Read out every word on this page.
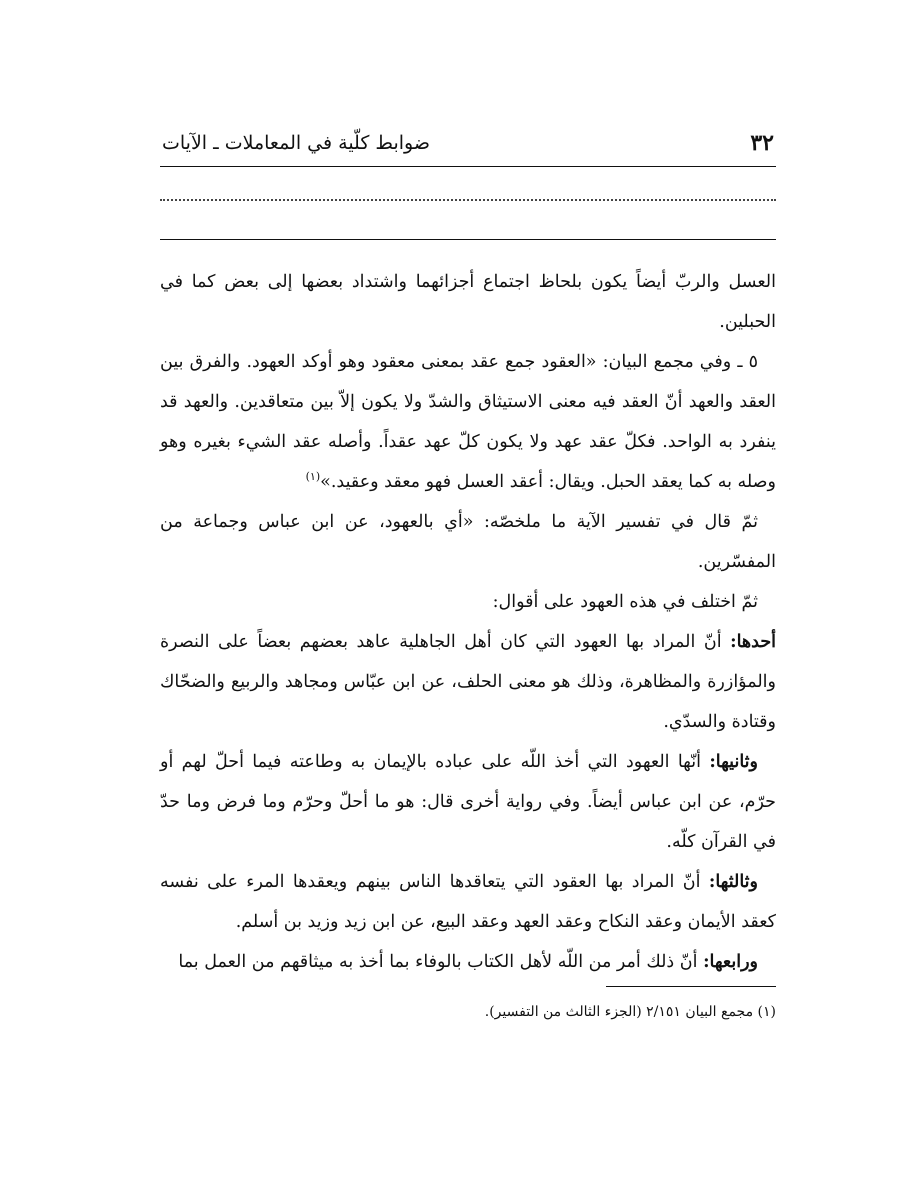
٣٢
ضوابط كلّية في المعاملات ـ الآيات

العسل والربّ أيضاً يكون بلحاظ اجتماع أجزائهما واشتداد بعضها إلى بعض كما في الحبلين.

٥ ـ وفي مجمع البيان: «العقود جمع عقد بمعنى معقود وهو أوكد العهود. والفرق بين العقد والعهد أنّ العقد فيه معنى الاستيثاق والشدّ ولا يكون إلاّ بين متعاقدين. والعهد قد ينفرد به الواحد. فكلّ عقد عهد ولا يكون كلّ عهد عقداً. وأصله عقد الشيء بغيره وهو وصله به كما يعقد الحبل. ويقال: أعقد العسل فهو معقد وعقيد.»$^{(١)}$

ثمّ قال في تفسير الآية ما ملخصّه: «أي بالعهود، عن ابن عباس وجماعة من المفسّرين.

ثمّ اختلف في هذه العهود على أقوال:

أحدها: أنّ المراد بها العهود التي كان أهل الجاهلية عاهد بعضهم بعضاً على النصرة والمؤازرة والمظاهرة، وذلك هو معنى الحلف، عن ابن عبّاس ومجاهد والربيع والضحّاك وقتادة والسدّي.

وثانيها: أنّها العهود التي أخذ اللّه على عباده بالإيمان به وطاعته فيما أحلّ لهم أو حرّم، عن ابن عباس أيضاً. وفي رواية أخرى قال: هو ما أحلّ وحرّم وما فرض وما حدّ في القرآن كلّه.

وثالثها: أنّ المراد بها العقود التي يتعاقدها الناس بينهم ويعقدها المرء على نفسه كعقد الأيمان وعقد النكاح وعقد العهد وعقد البيع، عن ابن زيد وزيد بن أسلم.

ورابعها: أنّ ذلك أمر من اللّه لأهل الكتاب بالوفاء بما أخذ به ميثاقهم من العمل بما

(١) مجمع البيان ٢/١٥١ (الجزء الثالث من التفسير).
